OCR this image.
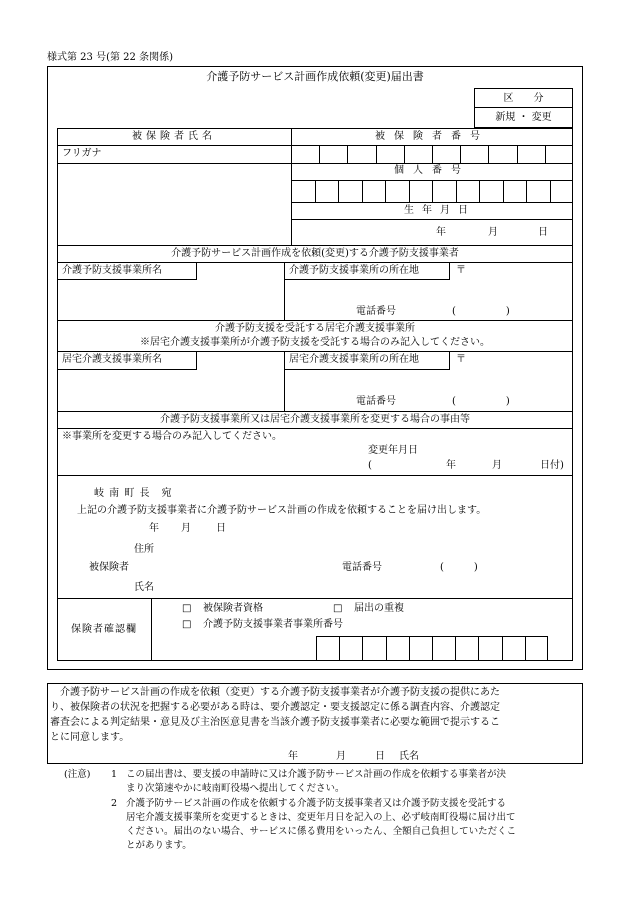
様式第 23 号(第 22 条関係)
介護予防サービス計画作成依頼(変更)届出書
区　　分
新規 ・ 変更
被保険者氏名	被保険者番号
フリガナ
個人番号
生年月日
年	月	日
介護予防サービス計画作成を依頼(変更)する介護予防支援事業者
介護予防支援事業所名	介護予防支援事業所の所在地	〒
電話番号	(　　　　　)
介護予防支援を受託する居宅介護支援事業所
※居宅介護支援事業所が介護予防支援を受託する場合のみ記入してください。
居宅介護支援事業所名	居宅介護支援事業所の所在地	〒
電話番号	(　　　　　)
介護予防支援事業所又は居宅介護支援事業所を変更する場合の事由等
※事業所を変更する場合のみ記入してください。
変更年月日
(	年	月	日付)
岐 南 町 長　宛
上記の介護予防支援事業者に介護予防サービス計画の作成を依頼することを届け出します。
年 月	日
住所
被保険者	電話番号	(　　　)
氏名
保険者確認欄
□ 被保険者資格	□ 届出の重複
□ 介護予防支援事業者事業所番号
介護予防サービス計画の作成を依頼（変更）する介護予防支援事業者が介護予防支援の提供にあた
り、被保険者の状況を把握する必要がある時は、要介護認定・要支援認定に係る調査内容、介護認定
審査会による判定結果・意見及び主治医意見書を当該介護予防支援事業者に必要な範囲で提示するこ
とに同意します。
年	月	日 氏名
(注意) 1 この届出書は、要支援の申請時に又は介護予防サービス計画の作成を依頼する事業者が決
まり次第速やかに岐南町役場へ提出してください。
2 介護予防サービス計画の作成を依頼する介護予防支援事業者又は介護予防支援を受託する
居宅介護支援事業所を変更するときは、変更年月日を記入の上、必ず岐南町役場に届け出て
ください。届出のない場合、サービスに係る費用をいったん、全額自己負担していただくこ
とがあります。
